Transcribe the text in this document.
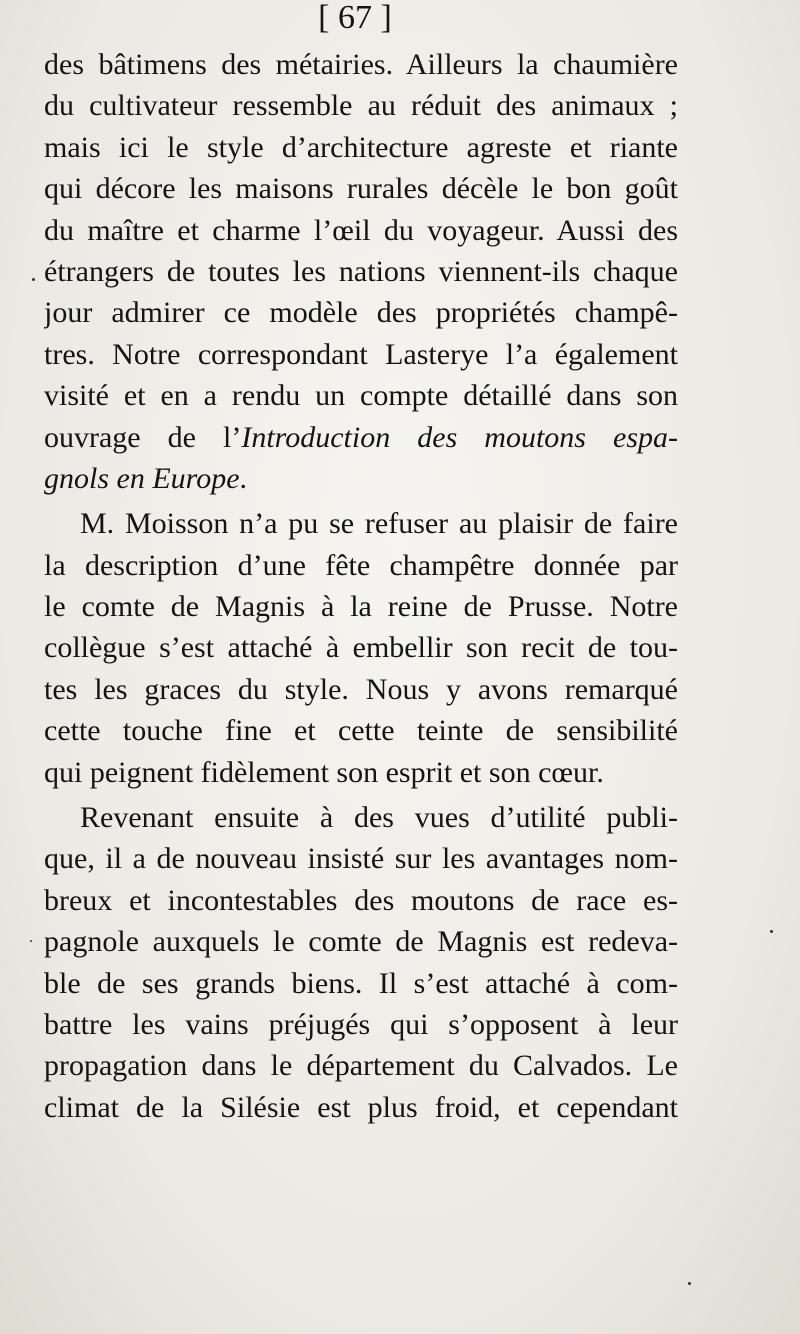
[ 67 ]
des bâtimens des métairies. Ailleurs la chaumière
du cultivateur ressemble au réduit des animaux ;
mais ici le style d’architecture agreste et riante
qui décore les maisons rurales décèle le bon goût
du maître et charme l’œil du voyageur. Aussi des
étrangers de toutes les nations viennent-ils chaque
jour admirer ce modèle des propriétés champê-
tres. Notre correspondant Lasterye l’a également
visité et en a rendu un compte détaillé dans son
ouvrage de l’Introduction des moutons espa-
gnols en Europe.
M. Moisson n’a pu se refuser au plaisir de faire
la description d’une fête champêtre donnée par
le comte de Magnis à la reine de Prusse. Notre
collègue s’est attaché à embellir son recit de tou-
tes les graces du style. Nous y avons remarqué
cette touche fine et cette teinte de sensibilité
qui peignent fidèlement son esprit et son cœur.
Revenant ensuite à des vues d’utilité publi-
que, il a de nouveau insisté sur les avantages nom-
breux et incontestables des moutons de race es-
pagnole auxquels le comte de Magnis est redeva-
ble de ses grands biens. Il s’est attaché à com-
battre les vains préjugés qui s’opposent à leur
propagation dans le département du Calvados. Le
climat de la Silésie est plus froid, et cependant
